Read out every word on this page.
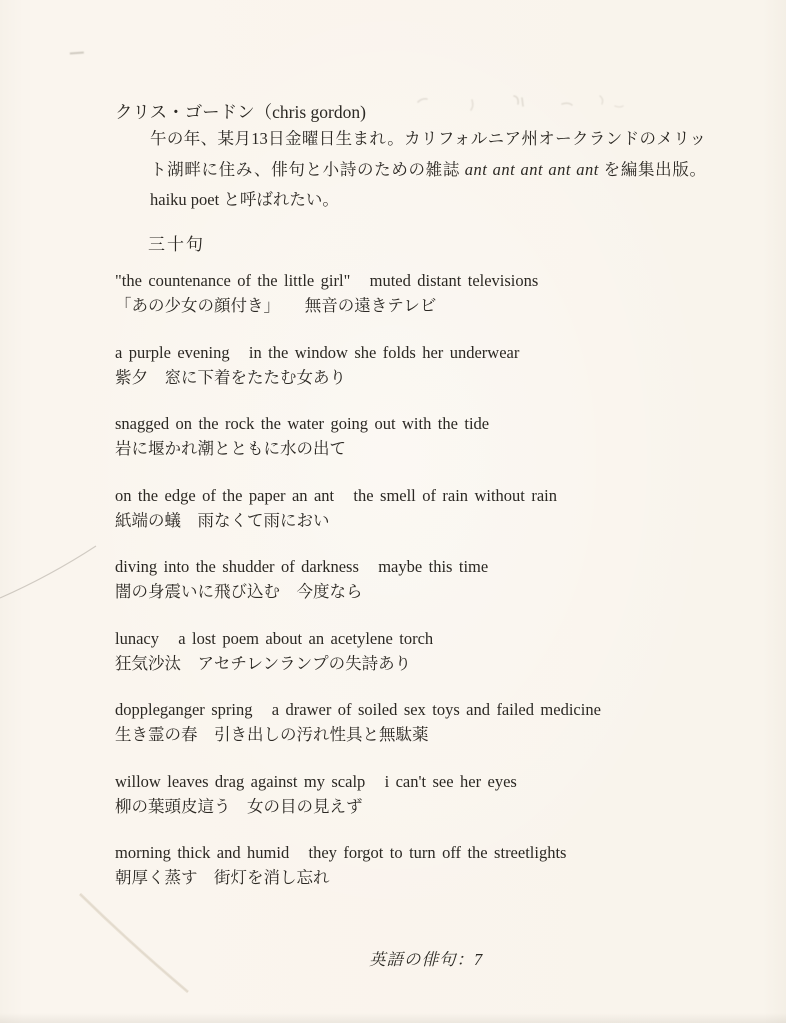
クリス・ゴードン（chris gordon)
午の年、某月13日金曜日生まれ。カリフォルニア州オークランドのメリット湖畔に住み、俳句と小詩のための雑誌 ant ant ant ant ant を編集出版。haiku poet と呼ばれたい。
三十句
"the countenance of the little girl"   muted distant televisions
「あの少女の顔付き」　　無音の遠きテレビ
a purple evening   in the window she folds her underwear
紫夕　窓に下着をたたむ女あり
snagged on the rock the water going out with the tide
岩に堰かれ潮とともに水の出て
on the edge of the paper an ant   the smell of rain without rain
紙端の蟻　雨なくて雨におい
diving into the shudder of darkness   maybe this time
闇の身震いに飛び込む　今度なら
lunacy   a lost poem about an acetylene torch
狂気沙汰　アセチレンランプの失詩あり
doppleganger spring   a drawer of soiled sex toys and failed medicine
生き霊の春　引き出しの汚れ性具と無駄薬
willow leaves drag against my scalp   i can't see her eyes
柳の葉頭皮這う　女の目の見えず
morning thick and humid   they forgot to turn off the streetlights
朝厚く蒸す　街灯を消し忘れ
英語の俳句：7
